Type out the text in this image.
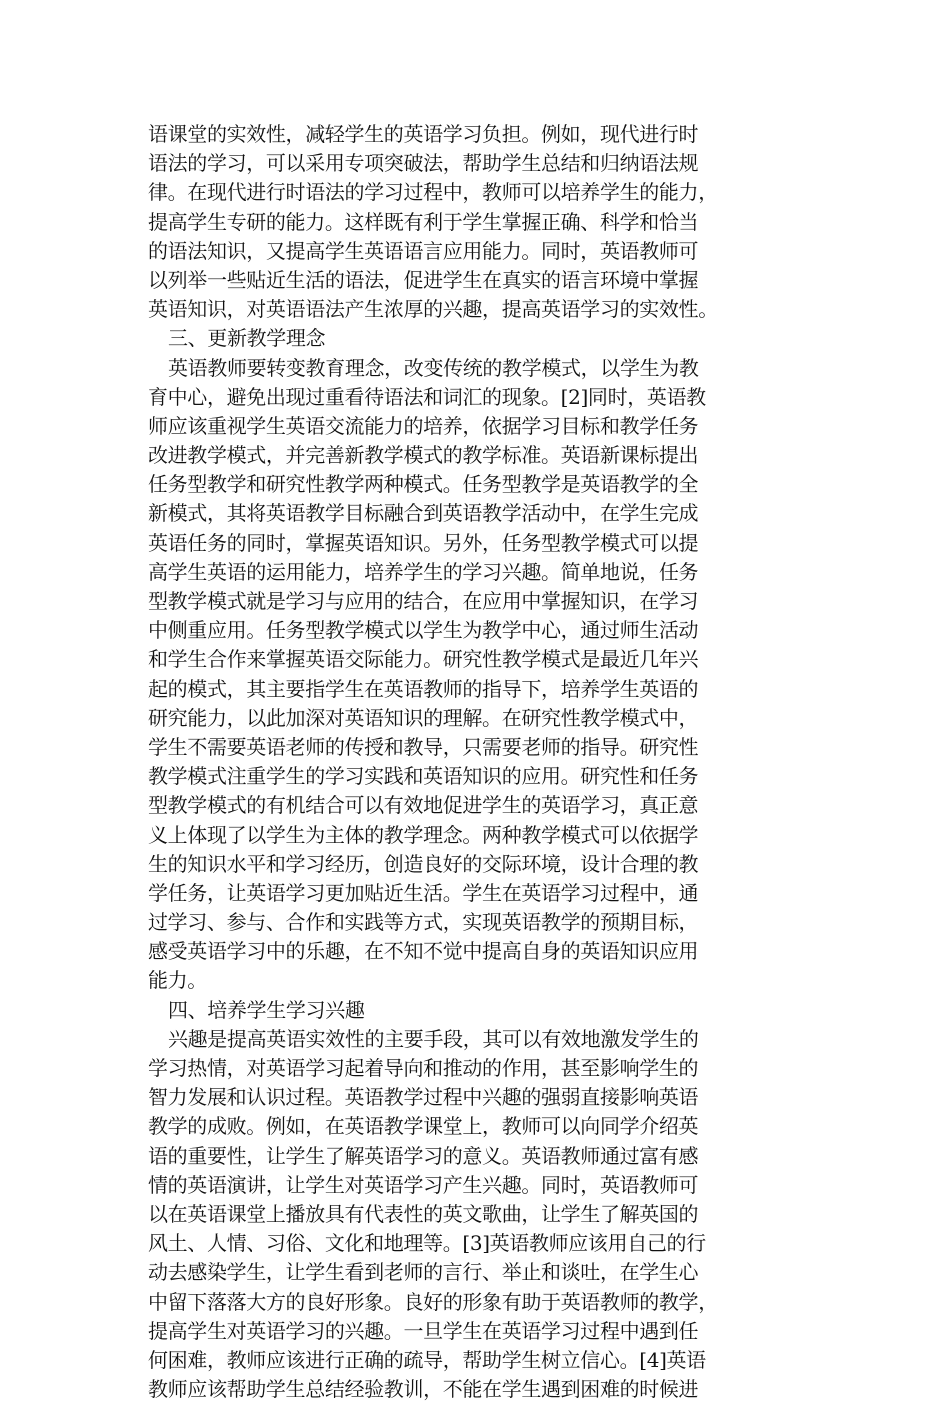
语课堂的实效性，减轻学生的英语学习负担。例如，现代进行时
语法的学习，可以采用专项突破法，帮助学生总结和归纳语法规
律。在现代进行时语法的学习过程中，教师可以培养学生的能力，
提高学生专研的能力。这样既有利于学生掌握正确、科学和恰当
的语法知识，又提高学生英语语言应用能力。同时，英语教师可
以列举一些贴近生活的语法，促进学生在真实的语言环境中掌握
英语知识，对英语语法产生浓厚的兴趣，提高英语学习的实效性。
三、更新教学理念
英语教师要转变教育理念，改变传统的教学模式，以学生为教
育中心，避免出现过重看待语法和词汇的现象。[2]同时，英语教
师应该重视学生英语交流能力的培养，依据学习目标和教学任务
改进教学模式，并完善新教学模式的教学标准。英语新课标提出
任务型教学和研究性教学两种模式。任务型教学是英语教学的全
新模式，其将英语教学目标融合到英语教学活动中，在学生完成
英语任务的同时，掌握英语知识。另外，任务型教学模式可以提
高学生英语的运用能力，培养学生的学习兴趣。简单地说，任务
型教学模式就是学习与应用的结合，在应用中掌握知识，在学习
中侧重应用。任务型教学模式以学生为教学中心，通过师生活动
和学生合作来掌握英语交际能力。研究性教学模式是最近几年兴
起的模式，其主要指学生在英语教师的指导下，培养学生英语的
研究能力，以此加深对英语知识的理解。在研究性教学模式中，
学生不需要英语老师的传授和教导，只需要老师的指导。研究性
教学模式注重学生的学习实践和英语知识的应用。研究性和任务
型教学模式的有机结合可以有效地促进学生的英语学习，真正意
义上体现了以学生为主体的教学理念。两种教学模式可以依据学
生的知识水平和学习经历，创造良好的交际环境，设计合理的教
学任务，让英语学习更加贴近生活。学生在英语学习过程中，通
过学习、参与、合作和实践等方式，实现英语教学的预期目标，
感受英语学习中的乐趣，在不知不觉中提高自身的英语知识应用
能力。
四、培养学生学习兴趣
兴趣是提高英语实效性的主要手段，其可以有效地激发学生的
学习热情，对英语学习起着导向和推动的作用，甚至影响学生的
智力发展和认识过程。英语教学过程中兴趣的强弱直接影响英语
教学的成败。例如，在英语教学课堂上，教师可以向同学介绍英
语的重要性，让学生了解英语学习的意义。英语教师通过富有感
情的英语演讲，让学生对英语学习产生兴趣。同时，英语教师可
以在英语课堂上播放具有代表性的英文歌曲，让学生了解英国的
风土、人情、习俗、文化和地理等。[3]英语教师应该用自己的行
动去感染学生，让学生看到老师的言行、举止和谈吐，在学生心
中留下落落大方的良好形象。良好的形象有助于英语教师的教学，
提高学生对英语学习的兴趣。一旦学生在英语学习过程中遇到任
何困难，教师应该进行正确的疏导，帮助学生树立信心。[4]英语
教师应该帮助学生总结经验教训，不能在学生遇到困难的时候进
